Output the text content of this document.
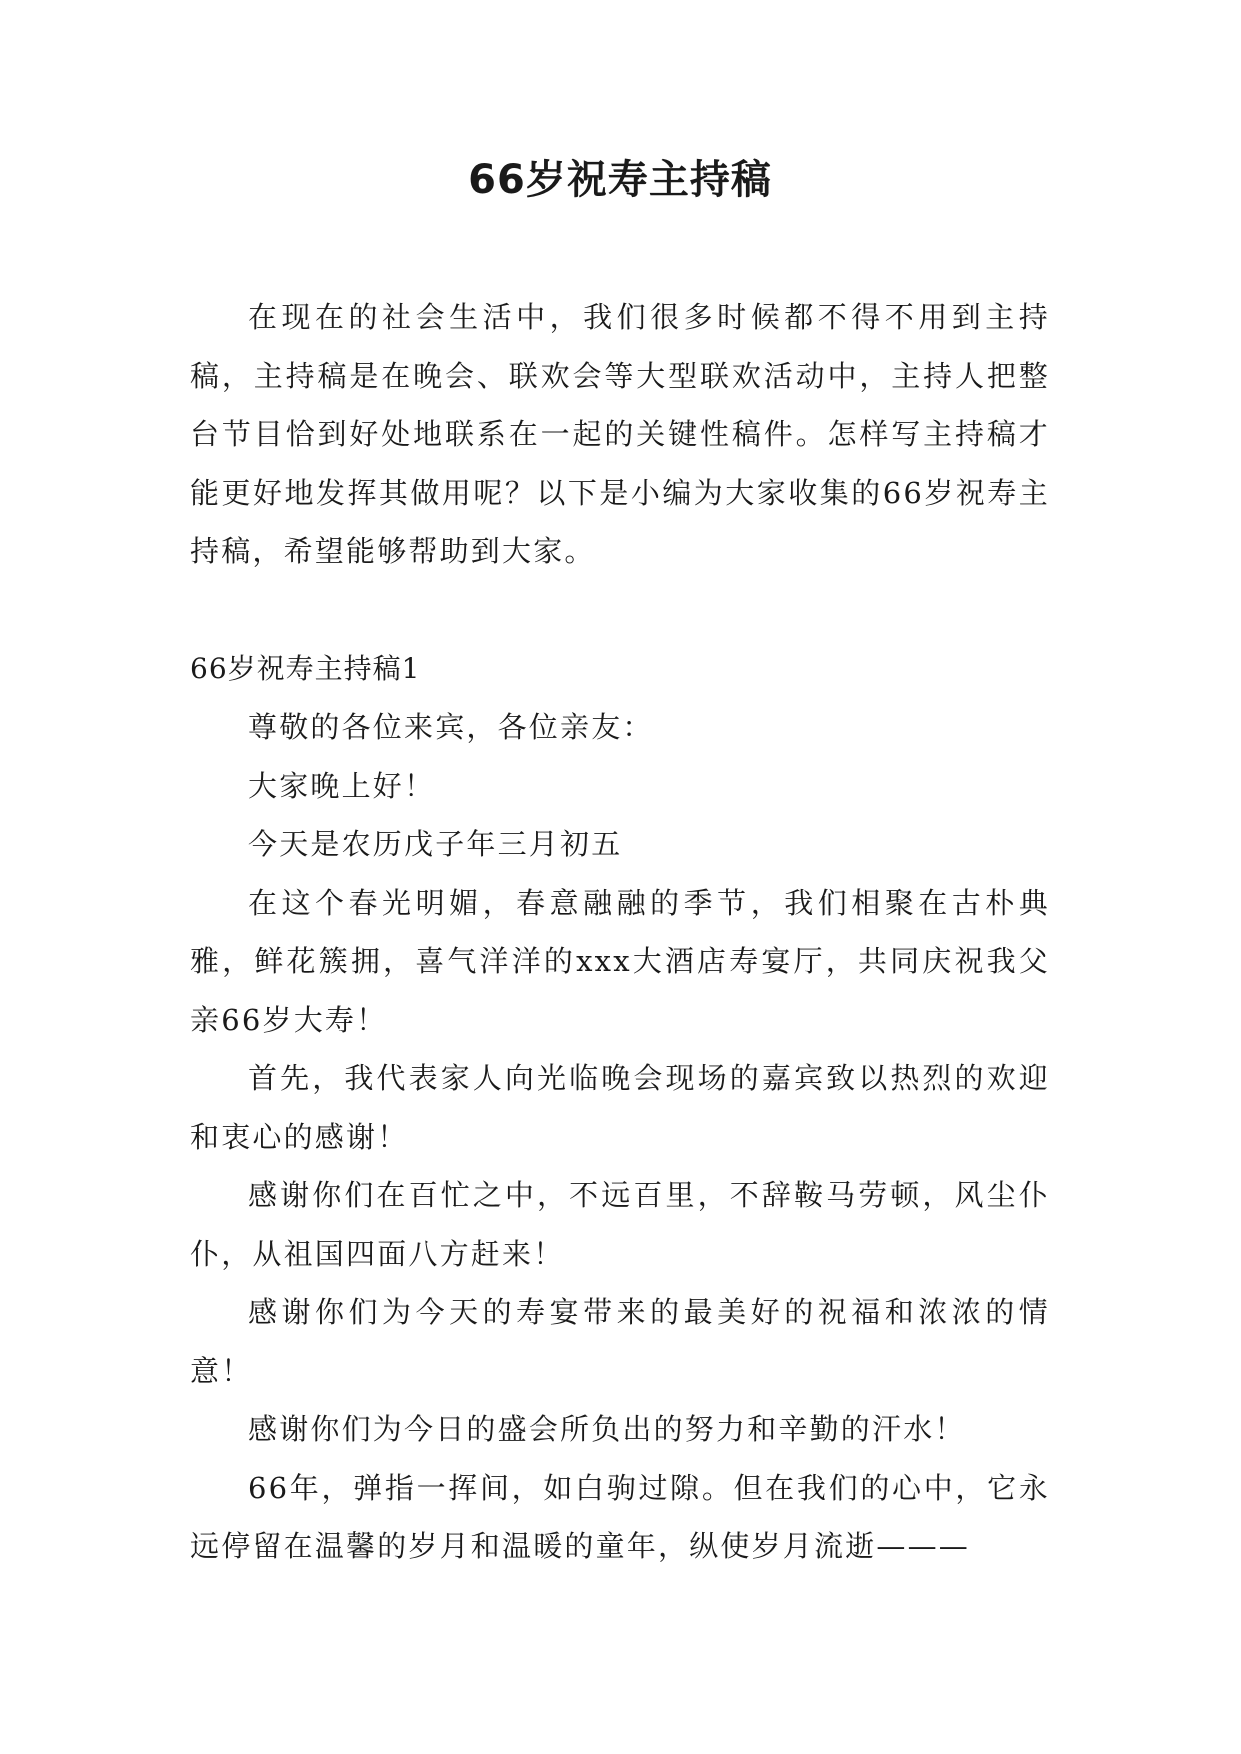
66岁祝寿主持稿

在现在的社会生活中，我们很多时候都不得不用到主持稿，主持稿是在晚会、联欢会等大型联欢活动中，主持人把整台节目恰到好处地联系在一起的关键性稿件。怎样写主持稿才能更好地发挥其做用呢？以下是小编为大家收集的66岁祝寿主持稿，希望能够帮助到大家。

66岁祝寿主持稿1

尊敬的各位来宾，各位亲友：

大家晚上好！

今天是农历戊子年三月初五

在这个春光明媚，春意融融的季节，我们相聚在古朴典雅，鲜花簇拥，喜气洋洋的xxx大酒店寿宴厅，共同庆祝我父亲66岁大寿！

首先，我代表家人向光临晚会现场的嘉宾致以热烈的欢迎和衷心的感谢！

感谢你们在百忙之中，不远百里，不辞鞍马劳顿，风尘仆仆，从祖国四面八方赶来！

感谢你们为今天的寿宴带来的最美好的祝福和浓浓的情意！

感谢你们为今日的盛会所负出的努力和辛勤的汗水！

66年，弹指一挥间，如白驹过隙。但在我们的心中，它永远停留在温馨的岁月和温暖的童年，纵使岁月流逝———
